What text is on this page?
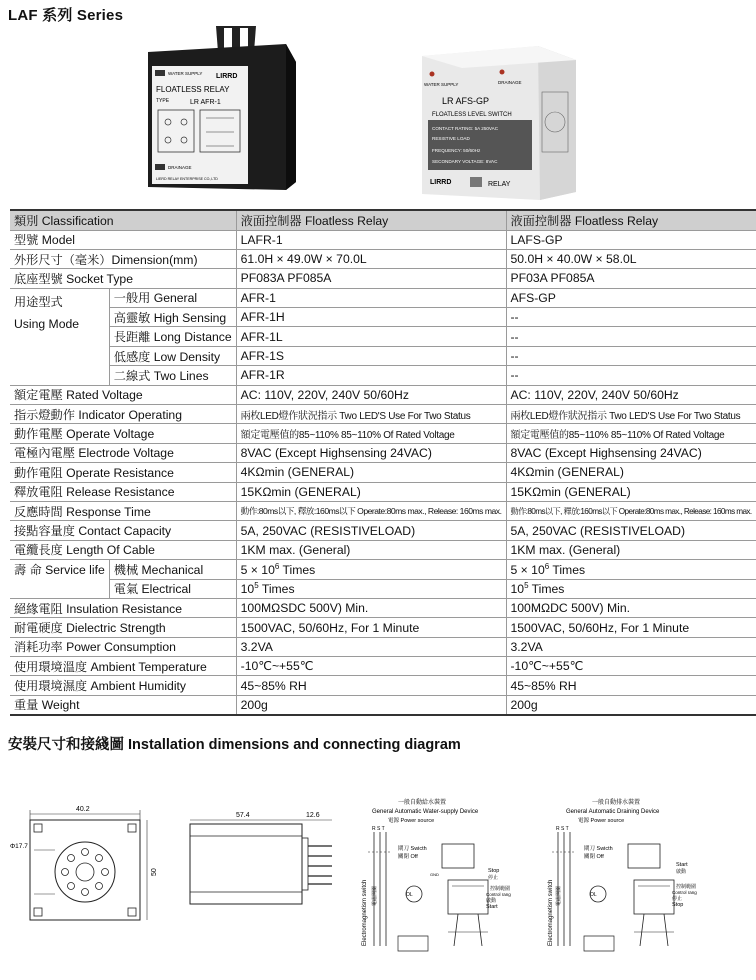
LAF 系列 Series
WATER SUPPLY LIRRD
FLOATLESS RELAY
TYPE	LR AFR-1
DRAINAGE
LIERD RELAY ENTERPRISE CO.,LTD
WATER SUPPLY	DRAINAGE
LR AFS-GP
FLOATLESS LEVEL SWITCH
CONTACT RATING: 5A 250VAC
RESISTIVE LOAD
FREQUENCY: 50/60Hz
SECONDARY VOLTAGE: 8VAC
LIRRD	RELAY
類別 Classification		液面控制器 Floatless Relay	液面控制器 Floatless Relay
型號 Model		LAFR-1	LAFS-GP
外形尺寸（毫米）Dimension(mm)		61.0H × 49.0W × 70.0L	50.0H × 40.0W × 58.0L
底座型號 Socket Type		PF083A PF085A	PF03A PF085A

用途型式
Using Mode	一般用 General	AFR-1	AFS-GP
	高靈敏 High Sensing	AFR-1H	--
	長距離 Long Distance	AFR-1L	--
	低感度 Low Density	AFR-1S	--
	二線式 Two Lines	AFR-1R	--
額定電壓 Rated Voltage		AC: 110V, 220V, 240V 50/60Hz	AC: 110V, 220V, 240V 50/60Hz
指示燈動作 Indicator Operating		兩枚LED燈作狀況指示 Two LED'S Use For Two Status	兩枚LED燈作狀況指示 Two LED'S Use For Two Status
動作電壓 Operate Voltage		額定電壓值的85~110% 85~110% Of Rated Voltage	額定電壓值的85~110% 85~110% Of Rated Voltage
電極內電壓 Electrode Voltage		8VAC (Except Highsensing 24VAC)	8VAC (Except Highsensing 24VAC)
動作電阻 Operate Resistance		4KΩmin (GENERAL)	4KΩmin (GENERAL)
釋放電阻 Release Resistance		15KΩmin (GENERAL)	15KΩmin (GENERAL)
反應時間 Response Time		動作:80ms以下, 釋放:160ms以下 Operate:80ms max., Release: 160ms max.	動作:80ms以下, 釋放:160ms以下 Operate:80ms max., Release: 160ms max.
接點容量度 Contact Capacity		5A, 250VAC (RESISTIVELOAD)	5A, 250VAC (RESISTIVELOAD)
電纜長度 Length Of Cable		1KM max. (General)	1KM max. (General)
壽 命 Service life	機械 Mechanical	$5 \times 10^6$ Times	$5 \times 10^6$ Times
	電氣 Electrical	$10^5$ Times	$10^5$ Times
絕緣電阻 Insulation Resistance		100MΩSDC 500V) Min.	100MΩDC 500V) Min.
耐電硬度 Dielectric Strength		1500VAC, 50/60Hz, For 1 Minute	1500VAC, 50/60Hz, For 1 Minute
消耗功率 Power Consumption		3.2VA	3.2VA
使用環境溫度 Ambient Temperature		-10℃~+55℃	-10℃~+55℃
使用環境濕度 Ambient Humidity		45~85% RH	45~85% RH
重量 Weight		200g	200g
安裝尺寸和接綫圖 Installation dimensions and connecting diagram
40.2
Φ17.7
50
57.4	12.6
一般自動給水裝置
General Automatic Water-supply Device
電源 Power source
R S T
閘刀 Swicth
關閉 Off
Electromagnetism switch 電磁開關	OL
GND
Stop
停止
控制範圍
Control rang
啟動
Start
一般自動排水裝置
General Automatic Draining Device
電源 Power source
R S T
閘刀 Swicth
關閉 Off
Electromagnetism switch 電磁開關	OL
Start
啟動
控制範圍
Control rang
停止
Stop
